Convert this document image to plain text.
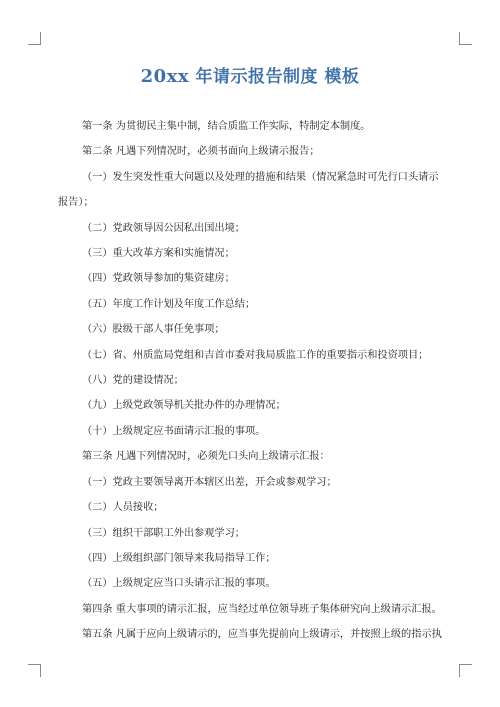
20xx 年请示报告制度 模板

第一条 为贯彻民主集中制，结合质监工作实际，特制定本制度。

第二条 凡遇下列情况时，必须书面向上级请示报告；

（一）发生突发性重大问题以及处理的措施和结果（情况紧急时可先行口头请示

报告）；

（二）党政领导因公因私出国出境；

（三）重大改革方案和实施情况；

（四）党政领导参加的集资建房；

（五）年度工作计划及年度工作总结；

（六）股级干部人事任免事项；

（七）省、州质监局党组和吉首市委对我局质监工作的重要指示和投资项目；

（八）党的建设情况；

（九）上级党政领导机关批办件的办理情况；

（十）上级规定应书面请示汇报的事项。

第三条 凡遇下列情况时，必须先口头向上级请示汇报：

（一）党政主要领导离开本辖区出差，开会或参观学习；

（二）人员接收；

（三）组织干部职工外出参观学习；

（四）上级组织部门领导来我局指导工作；

（五）上级规定应当口头请示汇报的事项。

第四条 重大事项的请示汇报，应当经过单位领导班子集体研究向上级请示汇报。

第五条 凡属于应向上级请示的，应当事先提前向上级请示，并按照上级的指示执
